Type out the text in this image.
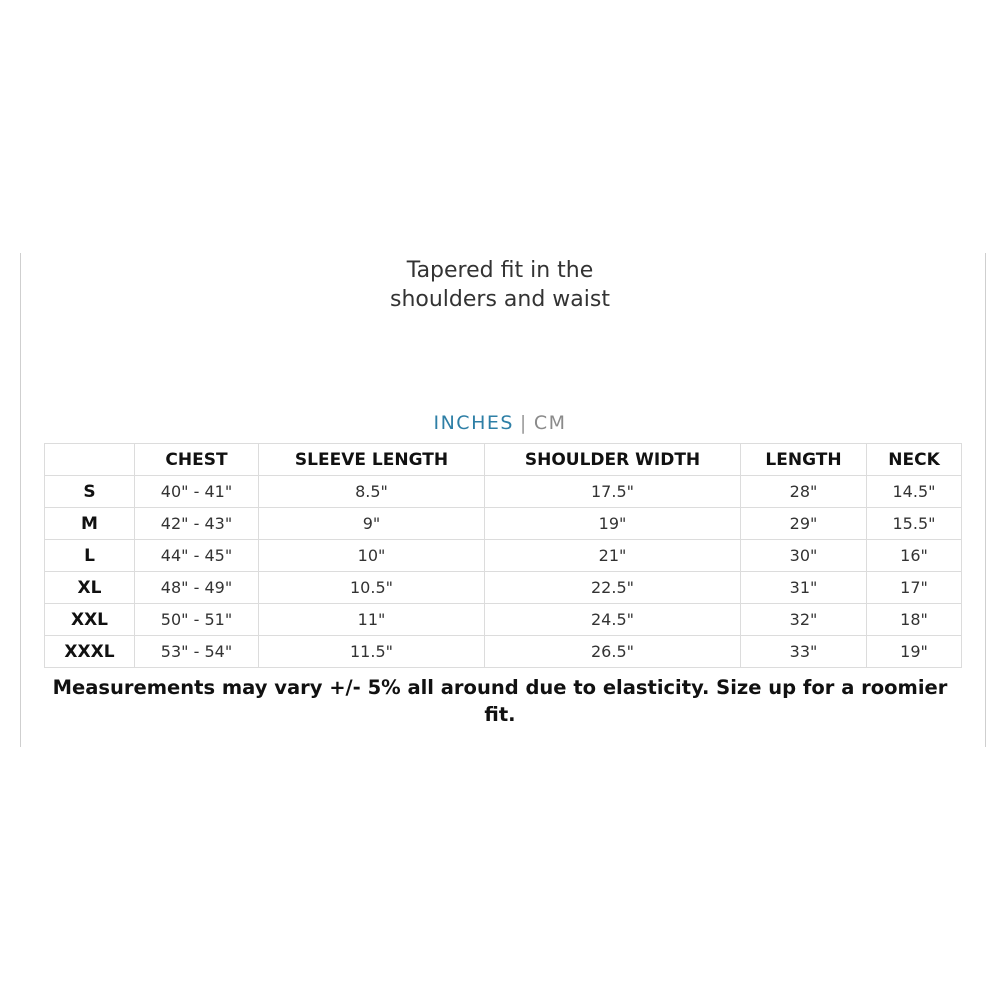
Tapered fit in the
shoulders and waist
INCHES | CM
	CHEST	SLEEVE LENGTH	SHOULDER WIDTH	LENGTH	NECK
S	40" - 41"	8.5"	17.5"	28"	14.5"
M	42" - 43"	9"	19"	29"	15.5"
L	44" - 45"	10"	21"	30"	16"
XL	48" - 49"	10.5"	22.5"	31"	17"
XXL	50" - 51"	11"	24.5"	32"	18"
XXXL	53" - 54"	11.5"	26.5"	33"	19"
Measurements may vary +/- 5% all around due to elasticity. Size up for a roomier fit.
